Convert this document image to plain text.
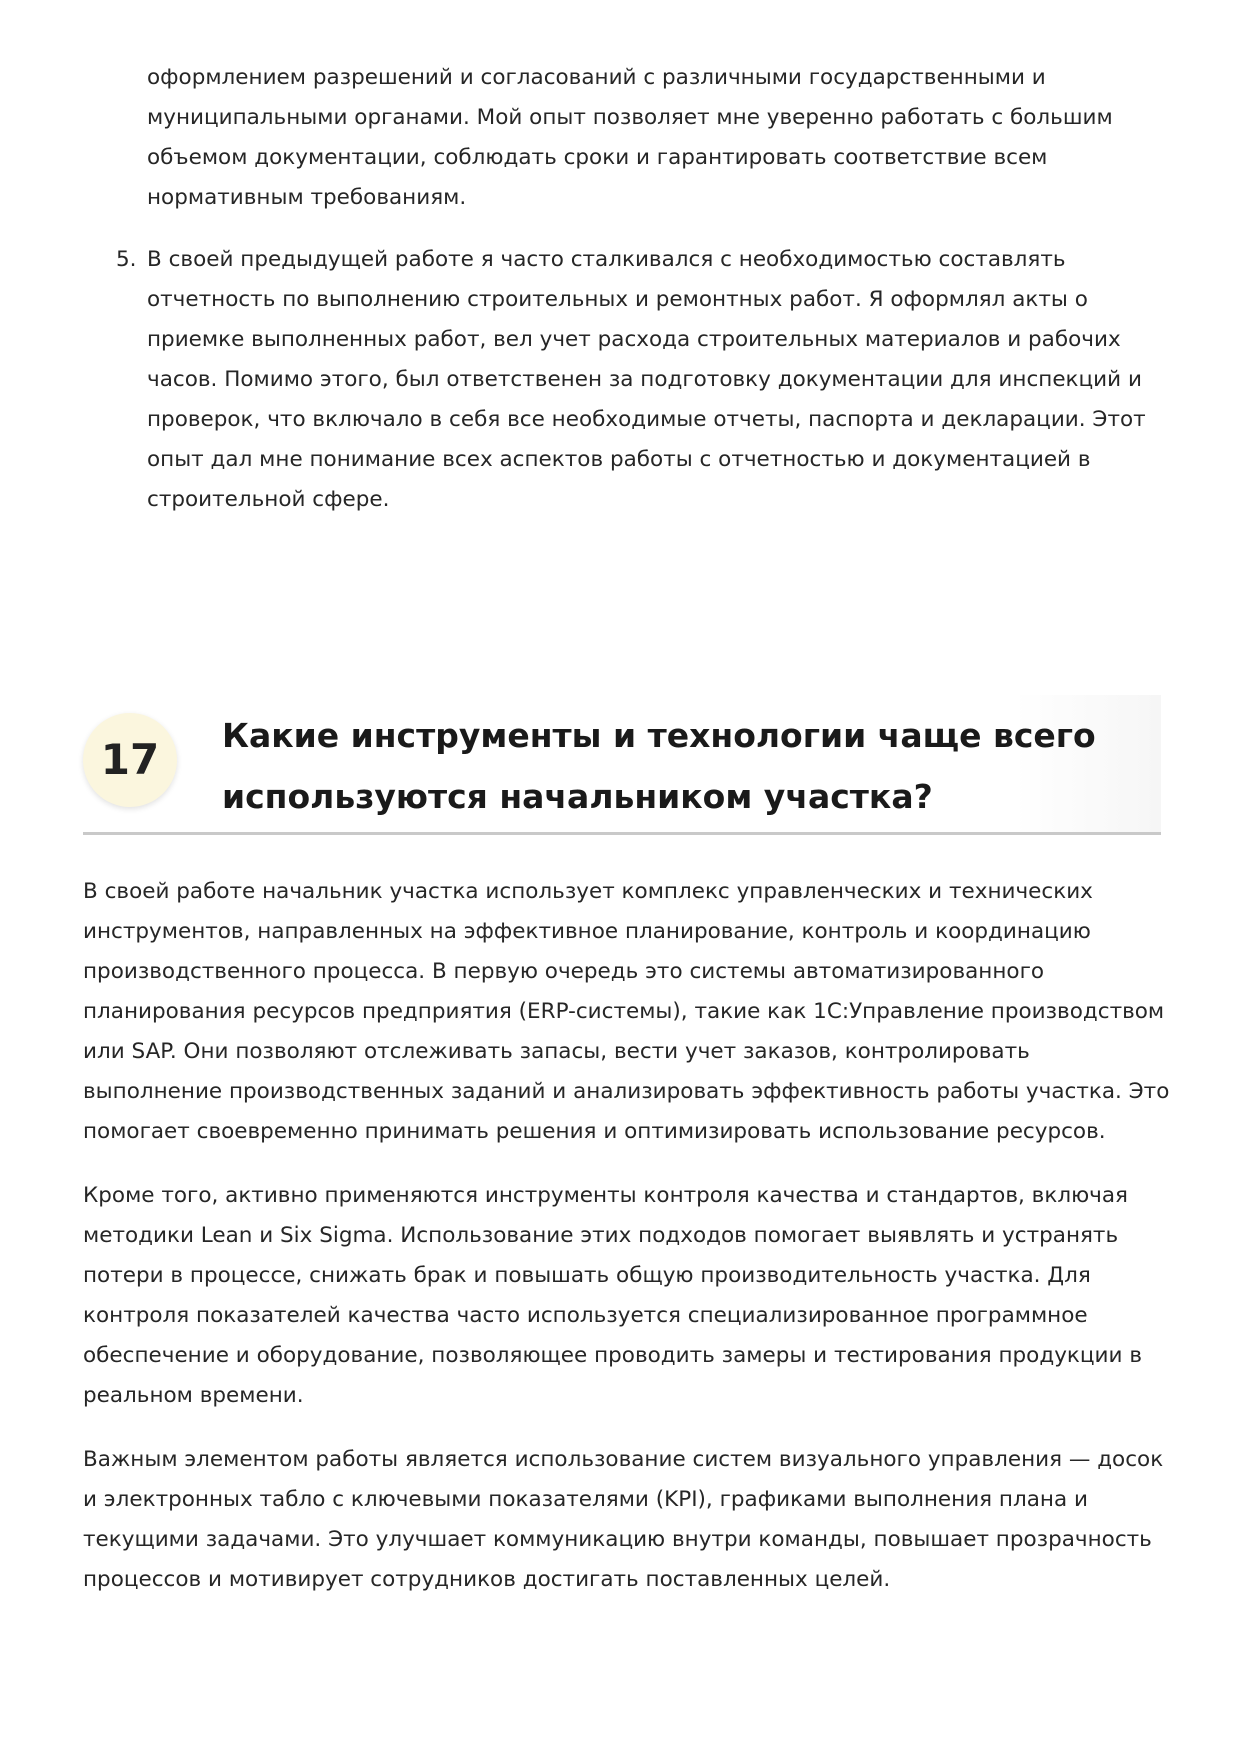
оформлением разрешений и согласований с различными государственными и муниципальными органами. Мой опыт позволяет мне уверенно работать с большим объемом документации, соблюдать сроки и гарантировать соответствие всем нормативным требованиям.
5. В своей предыдущей работе я часто сталкивался с необходимостью составлять отчетность по выполнению строительных и ремонтных работ. Я оформлял акты о приемке выполненных работ, вел учет расхода строительных материалов и рабочих часов. Помимо этого, был ответственен за подготовку документации для инспекций и проверок, что включало в себя все необходимые отчеты, паспорта и декларации. Этот опыт дал мне понимание всех аспектов работы с отчетностью и документацией в строительной сфере.
17	Какие инструменты и технологии чаще всего используются начальником участка?

В своей работе начальник участка использует комплекс управленческих и технических инструментов, направленных на эффективное планирование, контроль и координацию производственного процесса. В первую очередь это системы автоматизированного планирования ресурсов предприятия (ERP-системы), такие как 1С:Управление производством или SAP. Они позволяют отслеживать запасы, вести учет заказов, контролировать выполнение производственных заданий и анализировать эффективность работы участка. Это помогает своевременно принимать решения и оптимизировать использование ресурсов.

Кроме того, активно применяются инструменты контроля качества и стандартов, включая методики Lean и Six Sigma. Использование этих подходов помогает выявлять и устранять потери в процессе, снижать брак и повышать общую производительность участка. Для контроля показателей качества часто используется специализированное программное обеспечение и оборудование, позволяющее проводить замеры и тестирования продукции в реальном времени.

Важным элементом работы является использование систем визуального управления — досок и электронных табло с ключевыми показателями (KPI), графиками выполнения плана и текущими задачами. Это улучшает коммуникацию внутри команды, повышает прозрачность процессов и мотивирует сотрудников достигать поставленных целей.
